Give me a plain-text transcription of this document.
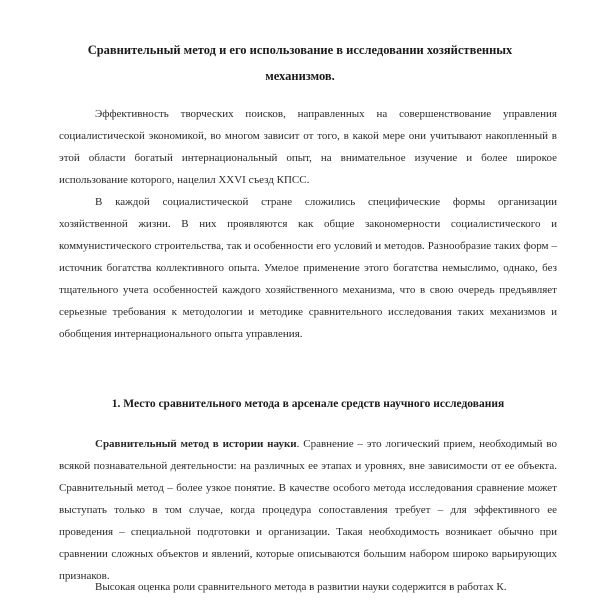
Сравнительный метод и его использование в исследовании хозяйственных
механизмов.

Эффективность творческих поисков, направленных на совершенствование управления социалистической экономикой, во многом зависит от того, в какой мере они учитывают накопленный в этой области богатый интернациональный опыт, на внимательное изучение и более широкое использование которого, нацелил XXVI съезд КПСС.

В каждой социалистической стране сложились специфические формы организации хозяйственной жизни. В них проявляются как общие закономерности социалистического и коммунистического строительства, так и особенности его условий и методов. Разнообразие таких форм – источник богатства коллективного опыта. Умелое применение этого богатства немыслимо, однако, без тщательного учета особенностей каждого хозяйственного механизма, что в свою очередь предъявляет серьезные требования к методологии и методике сравнительного исследования таких механизмов и обобщения интернационального опыта управления.

1. Место сравнительного метода в арсенале средств научного исследования

Сравнительный метод в истории науки. Сравнение – это логический прием, необходимый во всякой познавательной деятельности: на различных ее этапах и уровнях, вне зависимости от ее объекта. Сравнительный метод – более узкое понятие. В качестве особого метода исследования сравнение может выступать только в том случае, когда процедура сопоставления требует – для эффективного ее проведения – специальной подготовки и организации. Такая необходимость возникает обычно при сравнении сложных объектов и явлений, которые описываются большим набором широко варьирующих признаков.

Высокая оценка роли сравнительного метода в развитии науки содержится в работах К.
